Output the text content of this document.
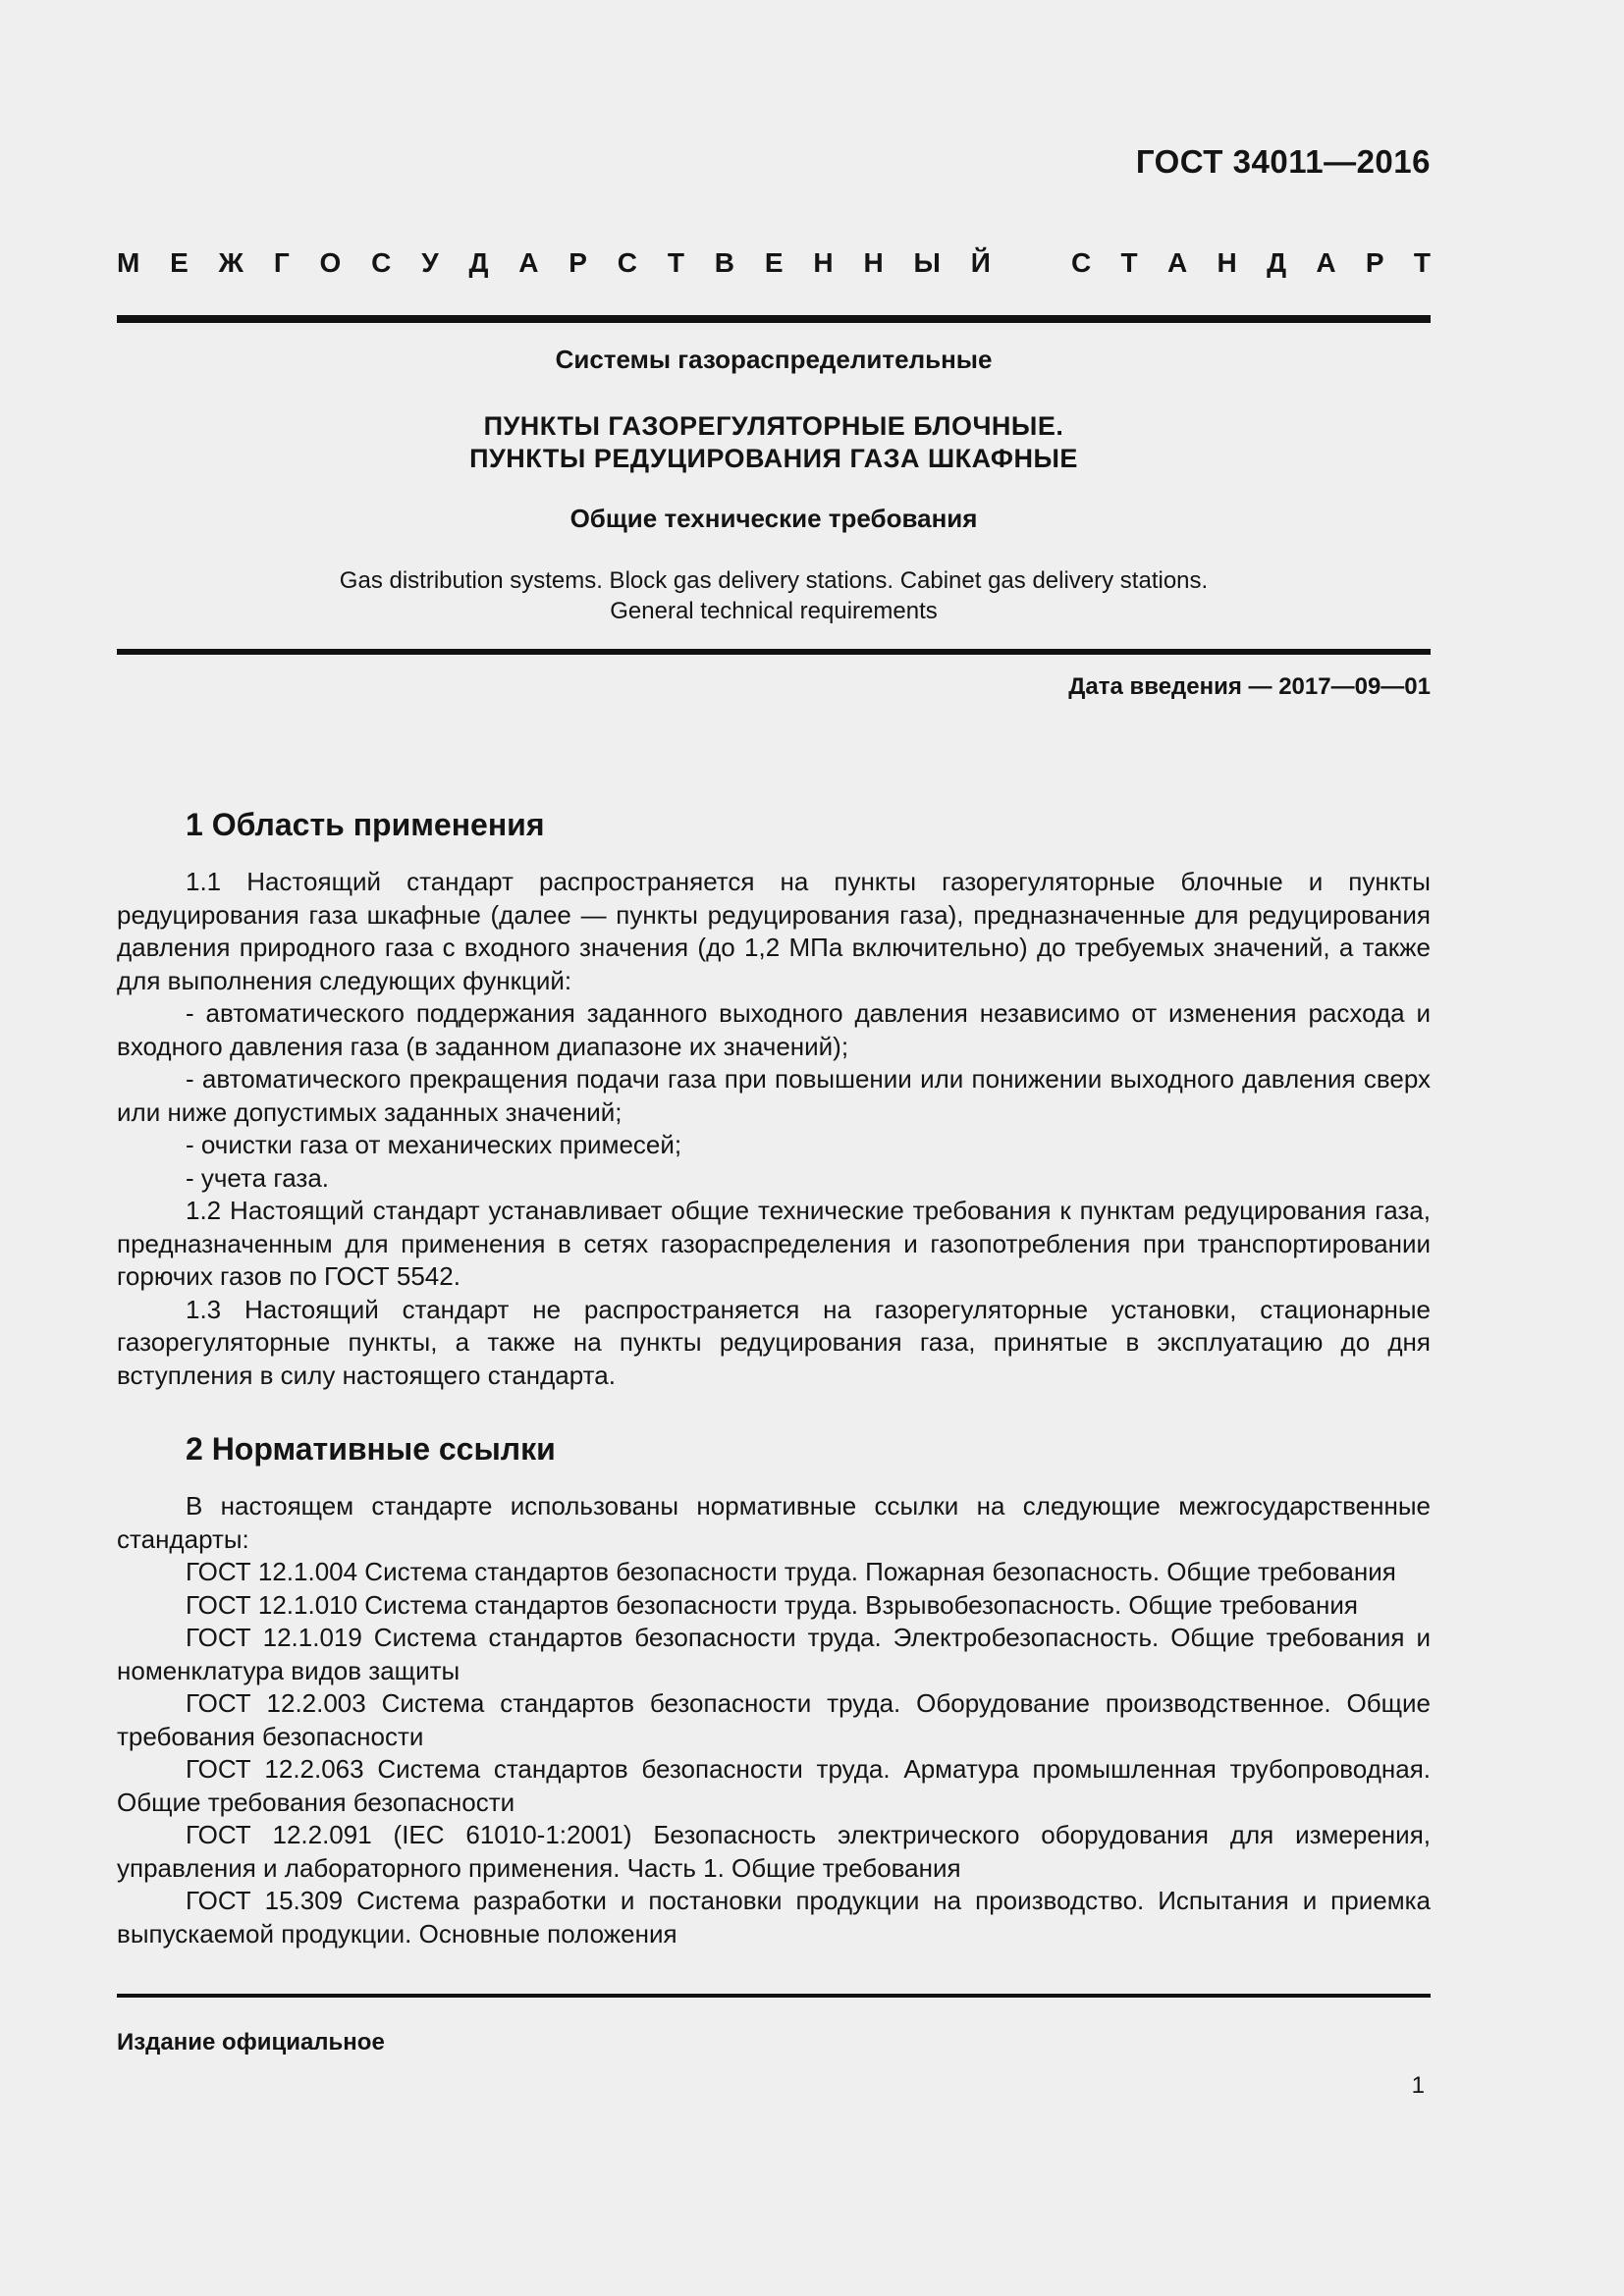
ГОСТ 34011—2016
М Е Ж Г О С У Д А Р С Т В Е Н Н Ы Й	С Т А Н Д А Р Т
Системы газораспределительные
ПУНКТЫ ГАЗОРЕГУЛЯТОРНЫЕ БЛОЧНЫЕ.
ПУНКТЫ РЕДУЦИРОВАНИЯ ГАЗА ШКАФНЫЕ
Общие технические требования
Gas distribution systems. Block gas delivery stations. Cabinet gas delivery stations.
General technical requirements
Дата введения — 2017—09—01
1 Область применения

1.1 Настоящий стандарт распространяется на пункты газорегуляторные блочные и пункты редуцирования газа шкафные (далее — пункты редуцирования газа), предназначенные для редуцирования давления природного газа с входного значения (до 1,2 МПа включительно) до требуемых значений, а также для выполнения следующих функций:

- автоматического поддержания заданного выходного давления независимо от изменения расхода и входного давления газа (в заданном диапазоне их значений);

- автоматического прекращения подачи газа при повышении или понижении выходного давления сверх или ниже допустимых заданных значений;

- очистки газа от механических примесей;

- учета газа.

1.2 Настоящий стандарт устанавливает общие технические требования к пунктам редуцирования газа, предназначенным для применения в сетях газораспределения и газопотребления при транспортировании горючих газов по ГОСТ 5542.

1.3 Настоящий стандарт не распространяется на газорегуляторные установки, стационарные газорегуляторные пункты, а также на пункты редуцирования газа, принятые в эксплуатацию до дня вступления в силу настоящего стандарта.

2 Нормативные ссылки

В настоящем стандарте использованы нормативные ссылки на следующие межгосударственные стандарты:

ГОСТ 12.1.004 Система стандартов безопасности труда. Пожарная безопасность. Общие требования

ГОСТ 12.1.010 Система стандартов безопасности труда. Взрывобезопасность. Общие требования

ГОСТ 12.1.019 Система стандартов безопасности труда. Электробезопасность. Общие требования и номенклатура видов защиты

ГОСТ 12.2.003 Система стандартов безопасности труда. Оборудование производственное. Общие требования безопасности

ГОСТ 12.2.063 Система стандартов безопасности труда. Арматура промышленная трубопроводная. Общие требования безопасности

ГОСТ 12.2.091 (IEC 61010-1:2001) Безопасность электрического оборудования для измерения, управления и лабораторного применения. Часть 1. Общие требования

ГОСТ 15.309 Система разработки и постановки продукции на производство. Испытания и приемка выпускаемой продукции. Основные положения

Издание официальное
1
